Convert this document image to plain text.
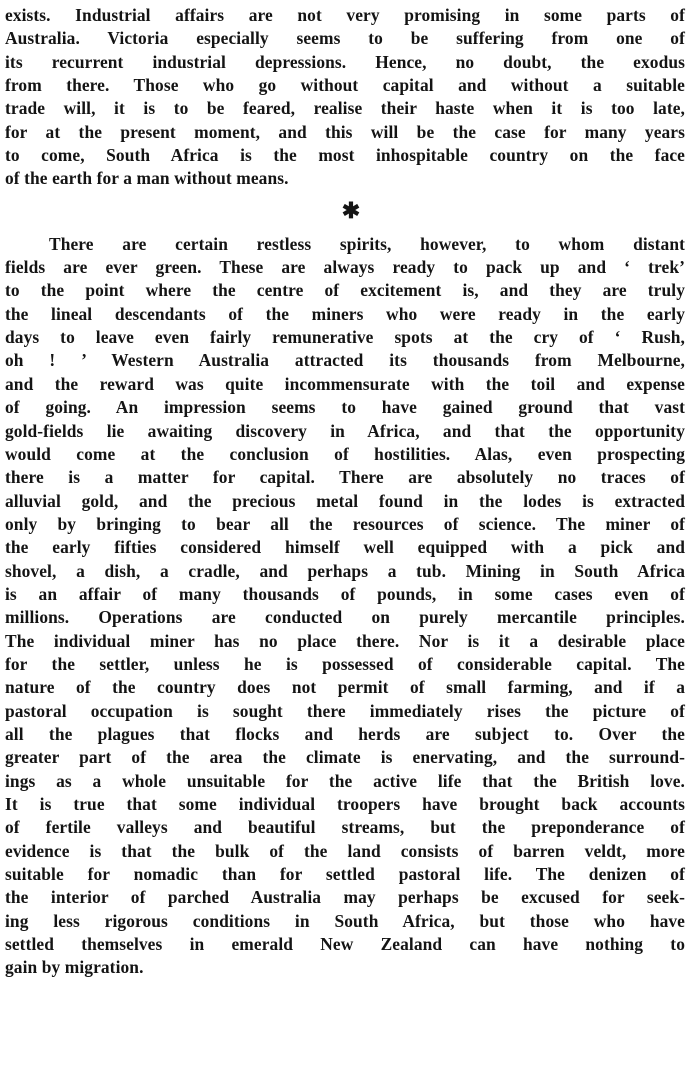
exists. Industrial affairs are not very promising in some parts of
Australia. Victoria especially seems to be suffering from one of
its recurrent industrial depressions. Hence, no doubt, the exodus
from there. Those who go without capital and without a suitable
trade will, it is to be feared, realise their haste when it is too late,
for at the present moment, and this will be the case for many years
to come, South Africa is the most inhospitable country on the face
of the earth for a man without means.
✱
There are certain restless spirits, however, to whom distant
fields are ever green. These are always ready to pack up and ‘ trek’
to the point where the centre of excitement is, and they are truly
the lineal descendants of the miners who were ready in the early
days to leave even fairly remunerative spots at the cry of ‘ Rush,
oh ! ’ Western Australia attracted its thousands from Melbourne,
and the reward was quite incommensurate with the toil and expense
of going. An impression seems to have gained ground that vast
gold-fields lie awaiting discovery in Africa, and that the opportunity
would come at the conclusion of hostilities. Alas, even prospecting
there is a matter for capital. There are absolutely no traces of
alluvial gold, and the precious metal found in the lodes is extracted
only by bringing to bear all the resources of science. The miner of
the early fifties considered himself well equipped with a pick and
shovel, a dish, a cradle, and perhaps a tub. Mining in South Africa
is an affair of many thousands of pounds, in some cases even of
millions. Operations are conducted on purely mercantile principles.
The individual miner has no place there. Nor is it a desirable place
for the settler, unless he is possessed of considerable capital. The
nature of the country does not permit of small farming, and if a
pastoral occupation is sought there immediately rises the picture of
all the plagues that flocks and herds are subject to. Over the
greater part of the area the climate is enervating, and the surround-
ings as a whole unsuitable for the active life that the British love.
It is true that some individual troopers have brought back accounts
of fertile valleys and beautiful streams, but the preponderance of
evidence is that the bulk of the land consists of barren veldt, more
suitable for nomadic than for settled pastoral life. The denizen of
the interior of parched Australia may perhaps be excused for seek-
ing less rigorous conditions in South Africa, but those who have
settled themselves in emerald New Zealand can have nothing to
gain by migration.
